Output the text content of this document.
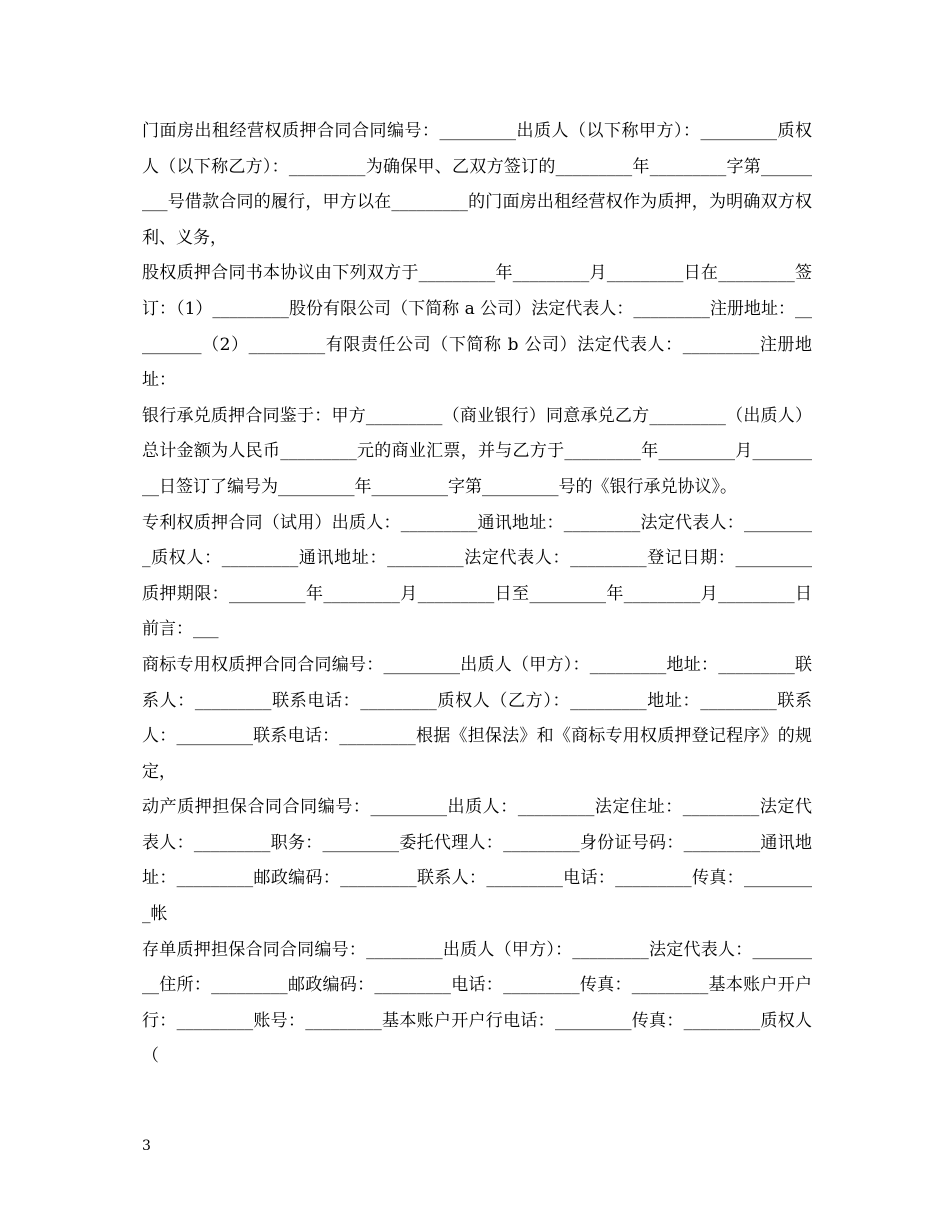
门面房出租经营权质押合同合同编号：_________出质人（以下称甲方）：_________质权人（以下称乙方）：_________为确保甲、乙双方签订的_________年_________字第_________号借款合同的履行，甲方以在_________的门面房出租经营权作为质押，为明确双方权利、义务，

股权质押合同书本协议由下列双方于_________年_________月_________日在_________签订：（1）_________股份有限公司（下简称 a 公司）法定代表人：_________注册地址：_________（2）_________有限责任公司（下简称 b 公司）法定代表人：_________注册地址：

银行承兑质押合同鉴于：甲方_________（商业银行）同意承兑乙方_________（出质人）总计金额为人民币_________元的商业汇票，并与乙方于_________年_________月_________日签订了编号为_________年_________字第_________号的《银行承兑协议》。

专利权质押合同（试用）出质人：_________通讯地址：_________法定代表人：_________质权人：_________通讯地址：_________法定代表人：_________登记日期：_________质押期限：_________年_________月_________日至_________年_________月_________日前言：___

商标专用权质押合同合同编号：_________出质人（甲方）：_________地址：_________联系人：_________联系电话：_________质权人（乙方）：_________地址：_________联系人：_________联系电话：_________根据《担保法》和《商标专用权质押登记程序》的规定，

动产质押担保合同合同编号：_________出质人：_________法定住址：_________法定代表人：_________职务：_________委托代理人：_________身份证号码：_________通讯地址：_________邮政编码：_________联系人：_________电话：_________传真：_________帐

存单质押担保合同合同编号：_________出质人（甲方）：_________法定代表人：_________住所：_________邮政编码：_________电话：_________传真：_________基本账户开户行：_________账号：_________基本账户开户行电话：_________传真：_________质权人（

3
